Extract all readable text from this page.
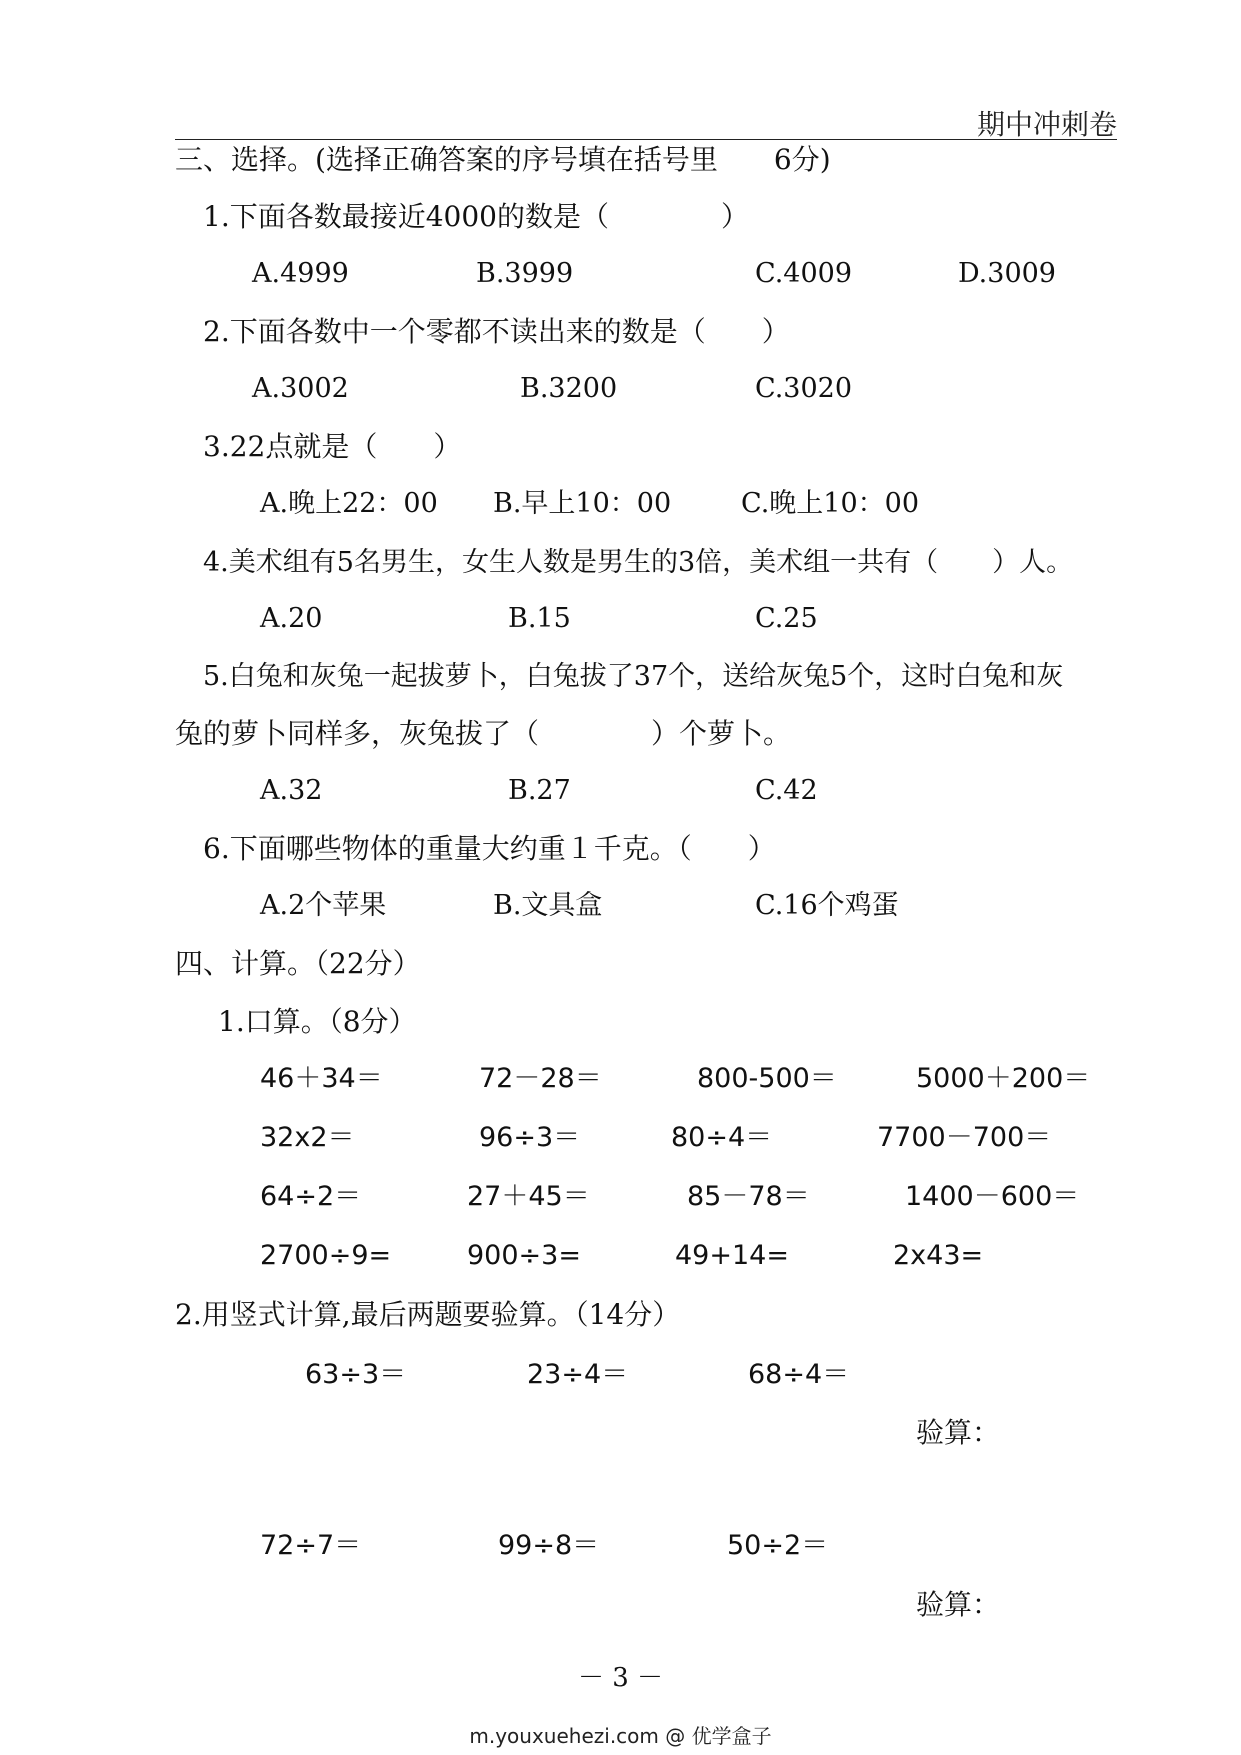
期中冲刺卷
三、选择。(选择正确答案的序号填在括号里　　6分)
1.下面各数最接近4000的数是（　　　　）
A.4999	B.3999	C.4009	D.3009
2.下面各数中一个零都不读出来的数是（　　）
A.3002	B.3200	C.3020
3.22点就是（　　）
A.晚上22：00 B.早上10：00	C.晚上10：00
4.美术组有5名男生，女生人数是男生的3倍，美术组一共有（　　）人。
A.20	B.15	C.25
5.白兔和灰兔一起拔萝卜，白兔拔了37个，送给灰兔5个，这时白兔和灰
兔的萝卜同样多，灰兔拔了（　　　　）个萝卜。
A.32	B.27	C.42
6.下面哪些物体的重量大约重１千克。（　　）
A.2个苹果	B.文具盒	C.16个鸡蛋
四、计算。（22分）
1.口算。（8分）
46＋34＝	72－28＝	800-500＝	5000＋200＝
32x2＝	96÷3＝	80÷4＝	7700－700＝
64÷2＝	27＋45＝	85－78＝	1400－600＝
2700÷9=	900÷3=	49+14=	2x43=
2.用竖式计算,最后两题要验算。（14分）
63÷3＝	23÷4＝	68÷4＝
验算：
72÷7＝	99÷8＝	50÷2＝
验算：
－ 3 －
m.youxuehezi.com @ 优学盒子
